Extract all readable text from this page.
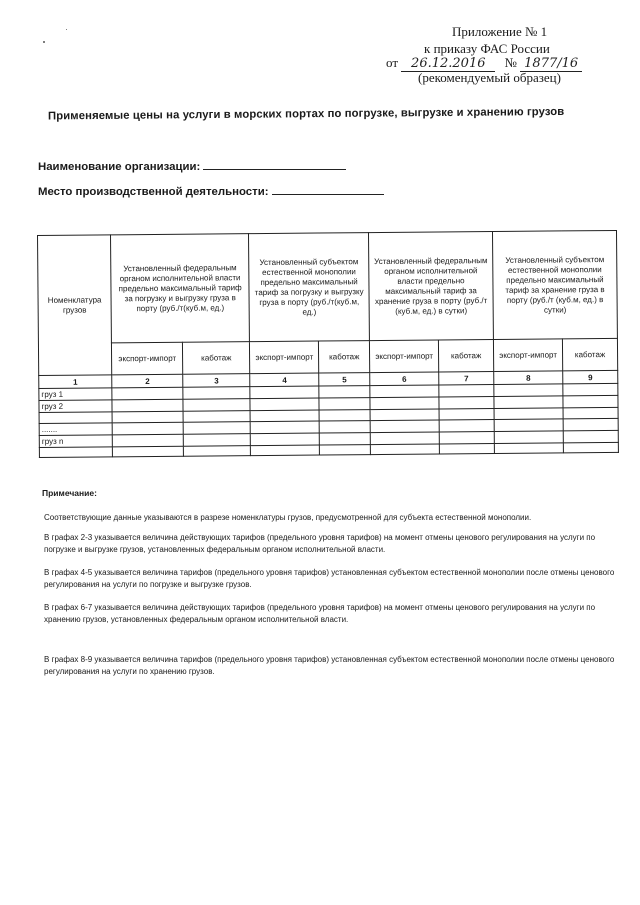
Приложение № 1
к приказу ФАС России
от 26.12.2016 № 1877/16
(рекомендуемый образец)
Применяемые цены на услуги в морских портах по погрузке, выгрузке и хранению грузов
Наименование организации:
Место производственной деятельности:
Номенклатура грузов	Установленный федеральным органом исполнительной власти предельно максимальный тариф за погрузку и выгрузку груза в порту (руб./т(куб.м, ед.)		Установленный субъектом естественной монополии предельно максимальный тариф за погрузку и выгрузку груза в порту (руб./т(куб.м, ед.)		Установленный федеральным органом исполнительной власти предельно максимальный тариф за хранение груза в порту (руб./т (куб.м, ед.) в сутки)		Установленный субъектом естественной монополии предельно максимальный тариф за хранение груза в порту (руб./т (куб.м, ед.) в сутки)	
	экспорт-импорт	каботаж	экспорт-импорт	каботаж	экспорт-импорт	каботаж	экспорт-импорт	каботаж
1	2	3	4	5	6	7	8	9
груз 1								
груз 2								

.......								
груз n								

Примечание:

Соответствующие данные указываются в разрезе номенклатуры грузов, предусмотренной для субъекта естественной монополии.

В графах 2-3 указывается величина действующих тарифов (предельного уровня тарифов) на момент отмены ценового регулирования на услуги по погрузке и выгрузке грузов, установленных федеральным органом исполнительной власти.

В графах 4-5 указывается величина тарифов (предельного уровня тарифов) установленная субъектом естественной монополии после отмены ценового регулирования на услуги по погрузке и выгрузке грузов.

В графах 6-7 указывается величина действующих тарифов (предельного уровня тарифов) на момент отмены ценового регулирования на услуги по хранению грузов, установленных федеральным органом исполнительной власти.

В графах 8-9 указывается величина тарифов (предельного уровня тарифов) установленная субъектом естественной монополии после отмены ценового регулирования на услуги по хранению грузов.
